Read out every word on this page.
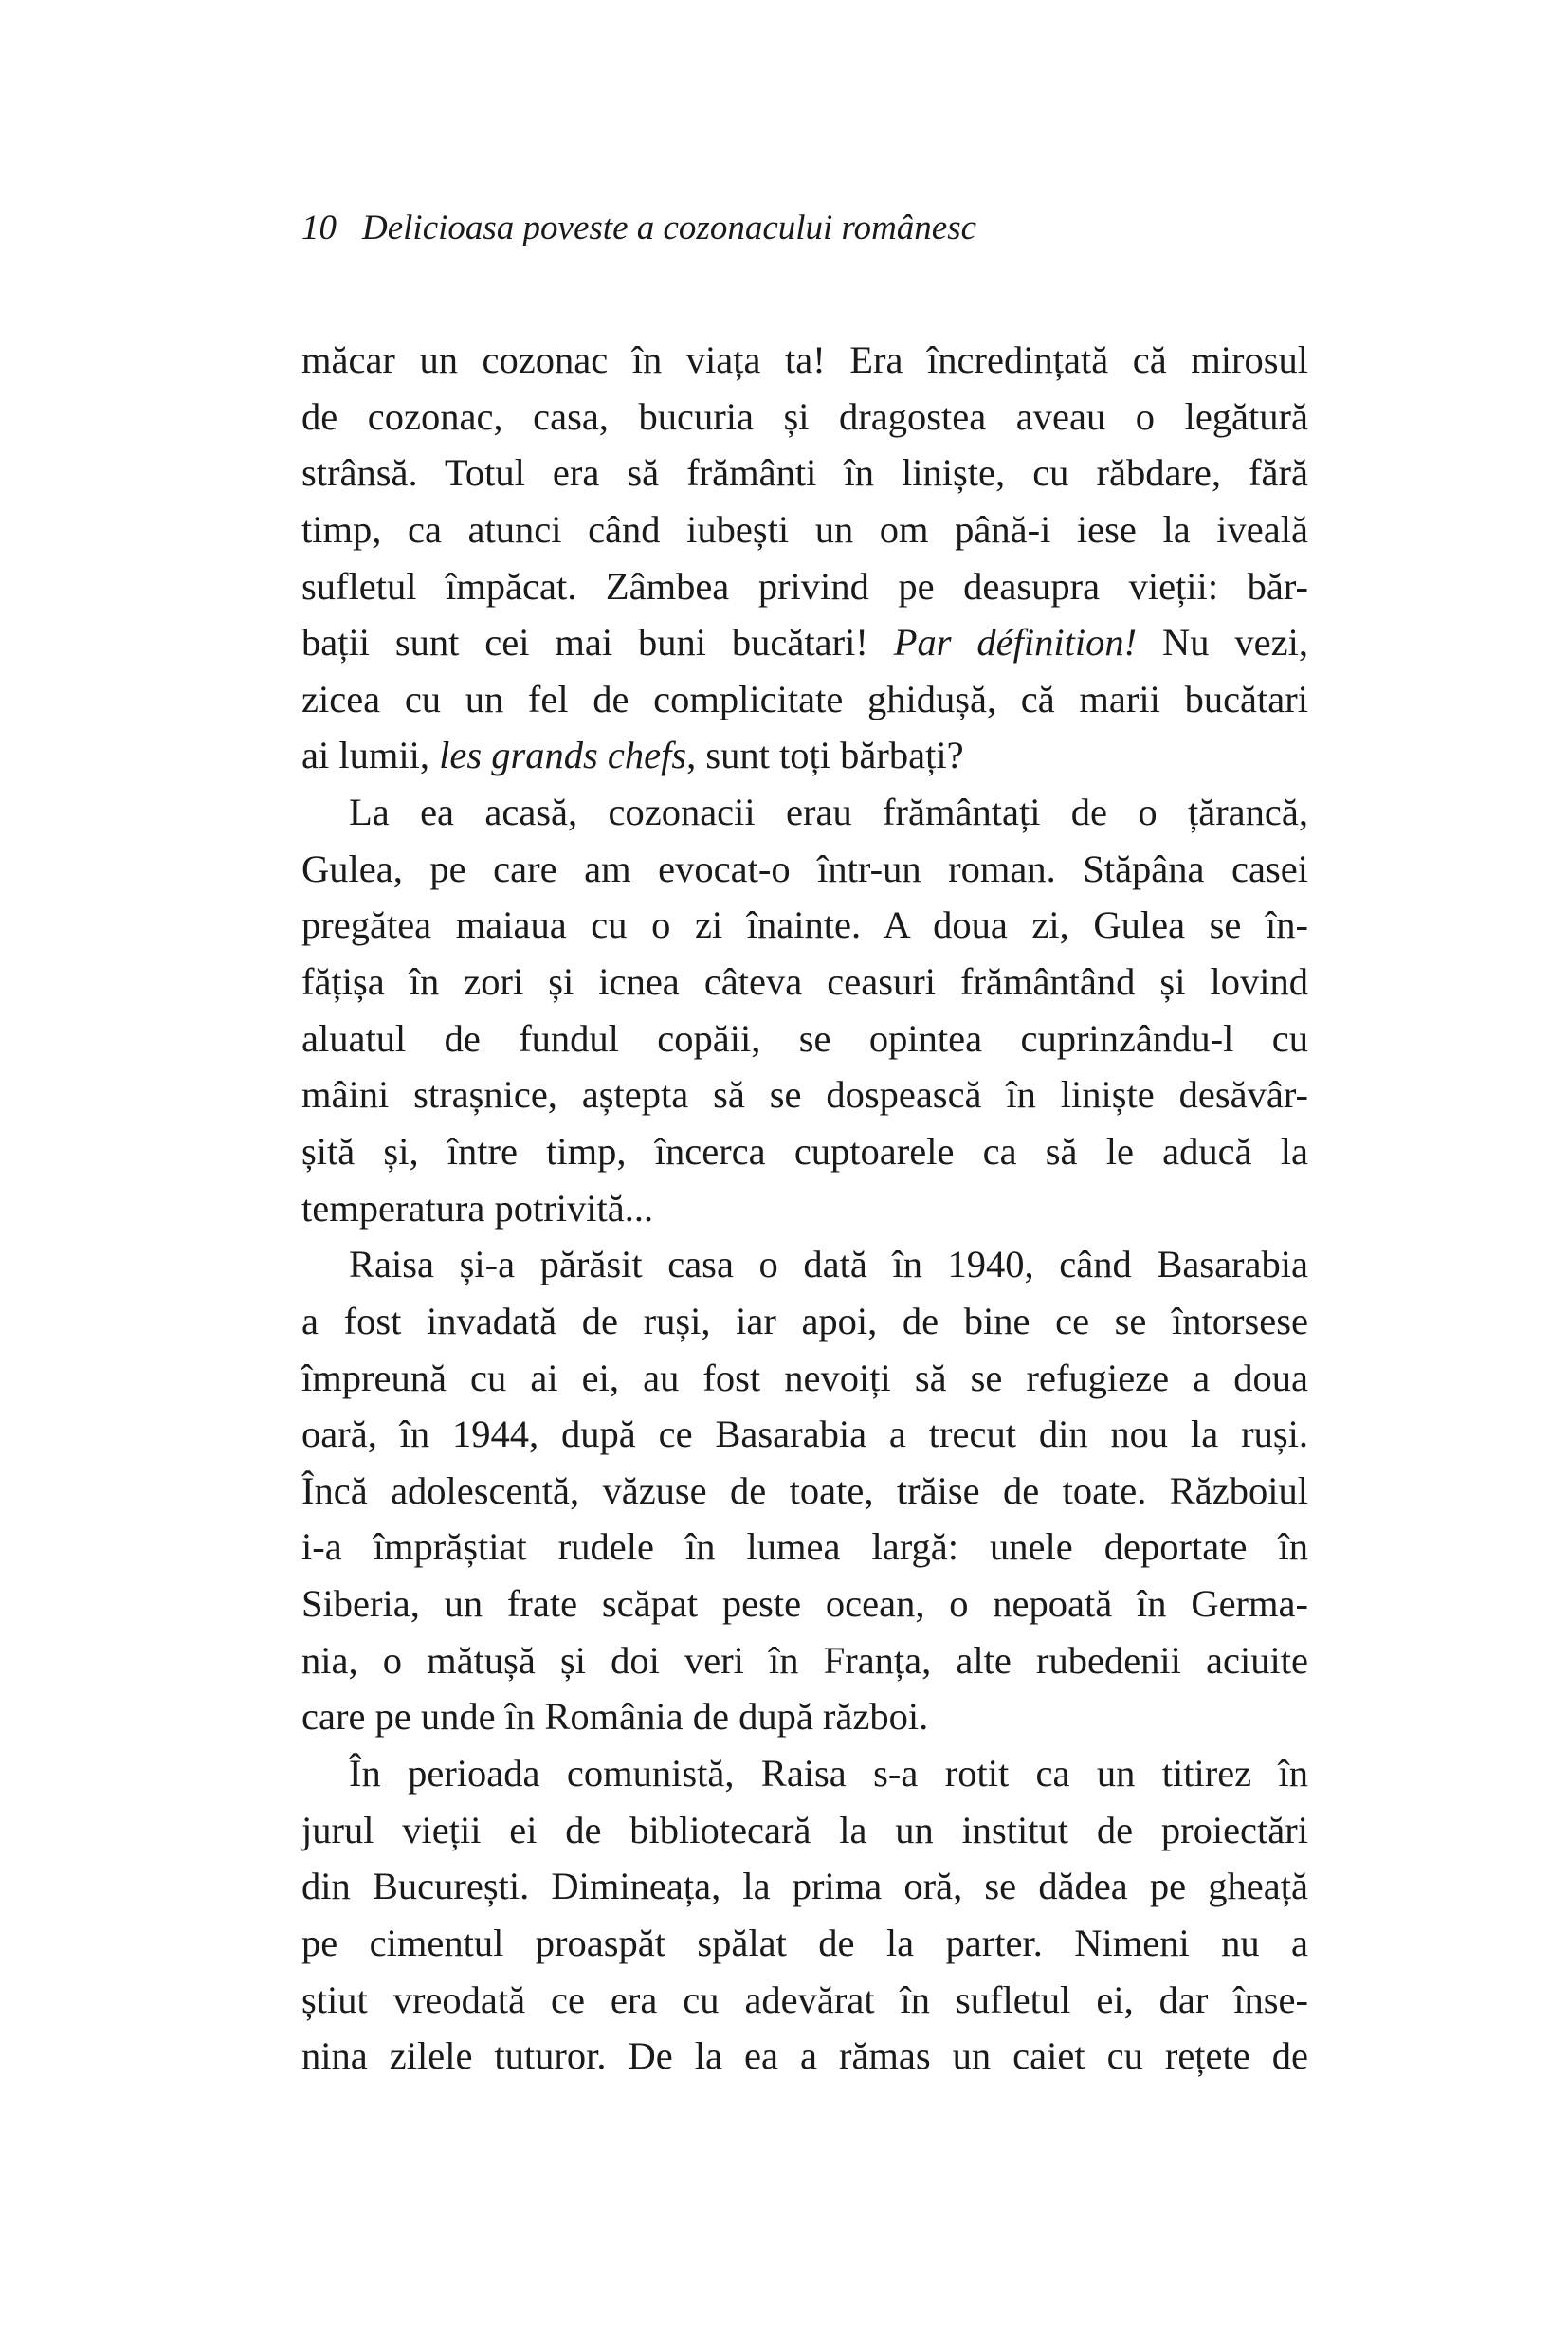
10 Delicioasa poveste a cozonacului românesc
măcar un cozonac în viața ta! Era încredințată că mirosul
de cozonac, casa, bucuria și dragostea aveau o legătură
strânsă. Totul era să frământi în liniște, cu răbdare, fără
timp, ca atunci când iubești un om până-i iese la iveală
sufletul împăcat. Zâmbea privind pe deasupra vieții: băr-
bații sunt cei mai buni bucătari! Par définition! Nu vezi,
zicea cu un fel de complicitate ghidușă, că marii bucătari
ai lumii, les grands chefs, sunt toți bărbați?
La ea acasă, cozonacii erau frământați de o țărancă,
Gulea, pe care am evocat-o într-un roman. Stăpâna casei
pregătea maiaua cu o zi înainte. A doua zi, Gulea se în-
fățișa în zori și icnea câteva ceasuri frământând și lovind
aluatul de fundul copăii, se opintea cuprinzându-l cu
mâini strașnice, aștepta să se dospească în liniște desăvâr-
șită și, între timp, încerca cuptoarele ca să le aducă la
temperatura potrivită...
Raisa și-a părăsit casa o dată în 1940, când Basarabia
a fost invadată de ruși, iar apoi, de bine ce se întorsese
împreună cu ai ei, au fost nevoiți să se refugieze a doua
oară, în 1944, după ce Basarabia a trecut din nou la ruși.
Încă adolescentă, văzuse de toate, trăise de toate. Războiul
i-a împrăștiat rudele în lumea largă: unele deportate în
Siberia, un frate scăpat peste ocean, o nepoată în Germa-
nia, o mătușă și doi veri în Franța, alte rubedenii aciuite
care pe unde în România de după război.
În perioada comunistă, Raisa s-a rotit ca un titirez în
jurul vieții ei de bibliotecară la un institut de proiectări
din București. Dimineața, la prima oră, se dădea pe gheață
pe cimentul proaspăt spălat de la parter. Nimeni nu a
știut vreodată ce era cu adevărat în sufletul ei, dar însе-
nina zilele tuturor. De la ea a rămas un caiet cu rețete de
